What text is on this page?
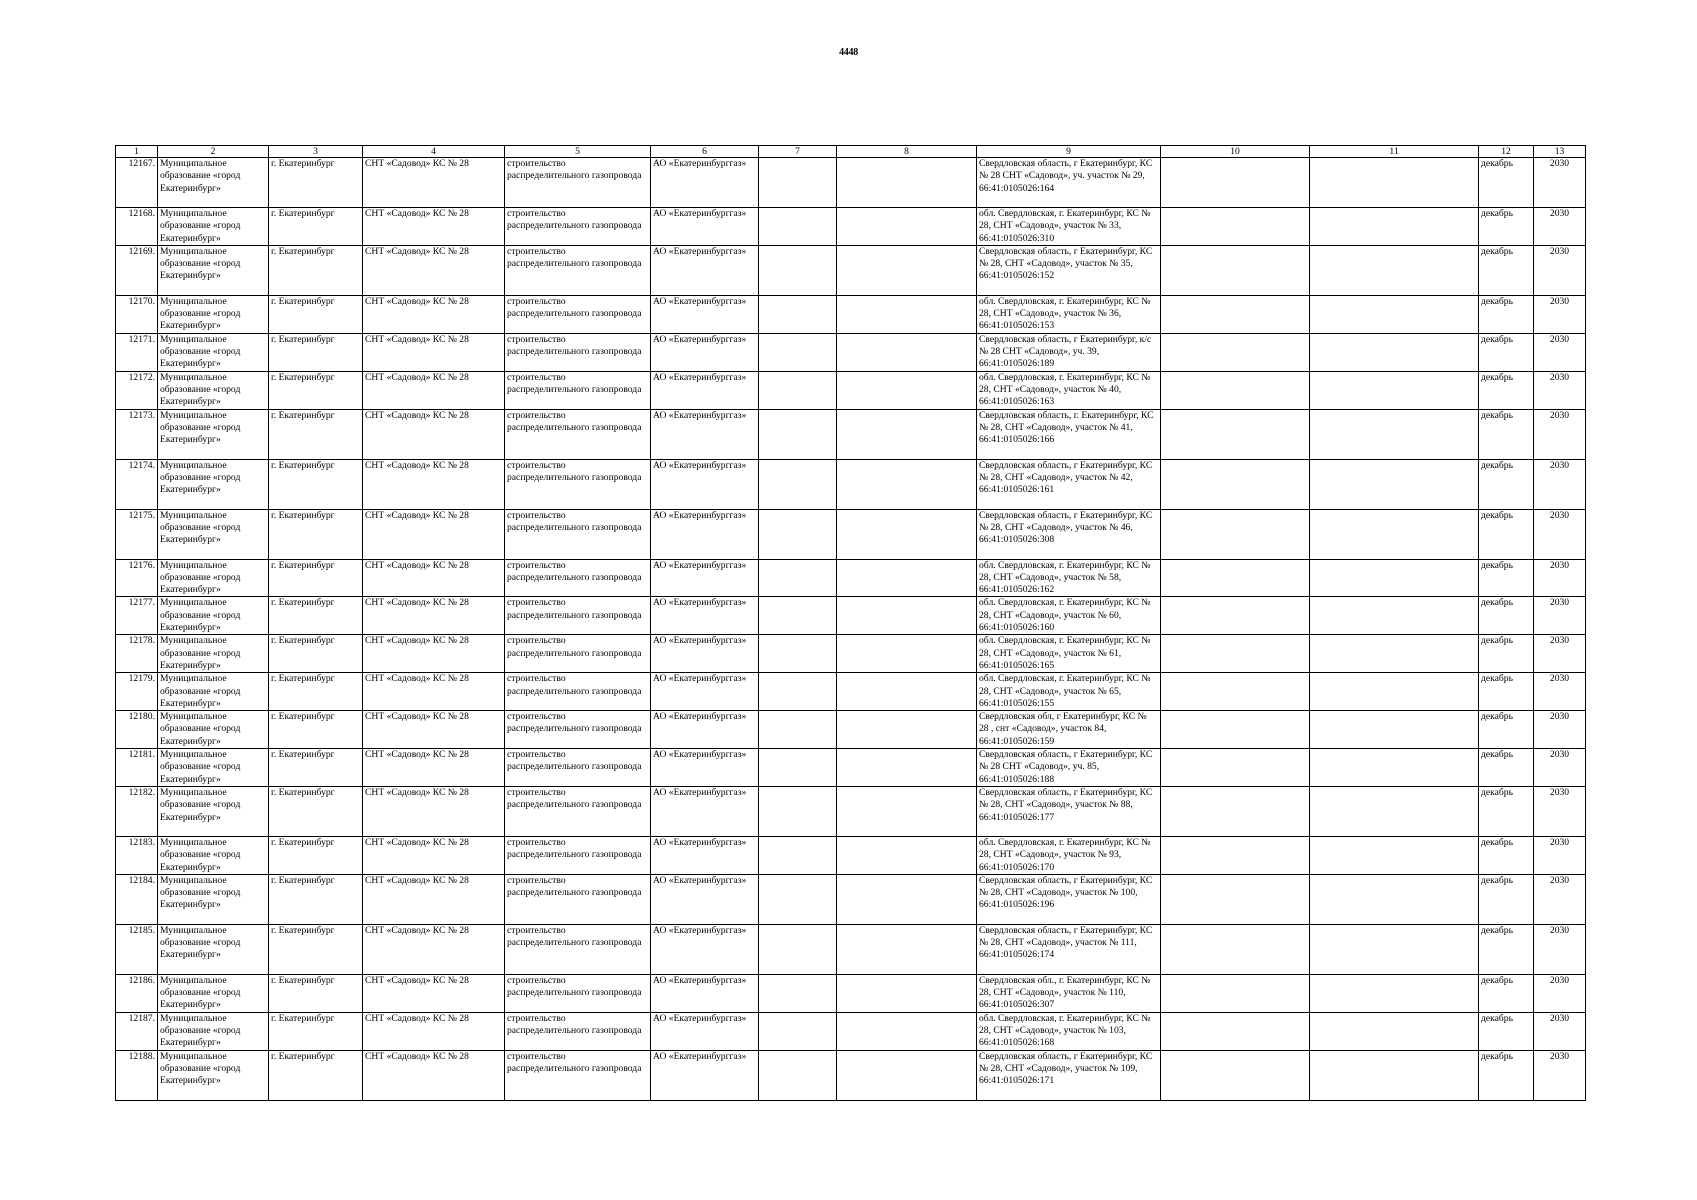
4448
1	2	3	4	5	6	7	8	9	10	11	12	13
12167.	Муниципальное образование «город Екатеринбург»	г. Екатеринбург	СНТ «Садовод» КС № 28	строительство распределительного газопровода	АО «Екатеринбурггаз»			Свердловская область, г Екатеринбург, КС № 28 СНТ «Садовод», уч. участок № 29, 66:41:0105026:164			декабрь	2030
12168.	Муниципальное образование «город Екатеринбург»	г. Екатеринбург	СНТ «Садовод» КС № 28	строительство распределительного газопровода	АО «Екатеринбурггаз»			обл. Свердловская, г. Екатеринбург, КС № 28, СНТ «Садовод», участок № 33, 66:41:0105026:310			декабрь	2030
12169.	Муниципальное образование «город Екатеринбург»	г. Екатеринбург	СНТ «Садовод» КС № 28	строительство распределительного газопровода	АО «Екатеринбурггаз»			Свердловская область, г Екатеринбург, КС № 28, СНТ «Садовод», участок № 35, 66:41:0105026:152			декабрь	2030
12170.	Муниципальное образование «город Екатеринбург»	г. Екатеринбург	СНТ «Садовод» КС № 28	строительство распределительного газопровода	АО «Екатеринбурггаз»			обл. Свердловская, г. Екатеринбург, КС № 28, СНТ «Садовод», участок № 36, 66:41:0105026:153			декабрь	2030
12171.	Муниципальное образование «город Екатеринбург»	г. Екатеринбург	СНТ «Садовод» КС № 28	строительство распределительного газопровода	АО «Екатеринбурггаз»			Свердловская область, г Екатеринбург, к/с № 28 СНТ «Садовод», уч. 39, 66:41:0105026:189			декабрь	2030
12172.	Муниципальное образование «город Екатеринбург»	г. Екатеринбург	СНТ «Садовод» КС № 28	строительство распределительного газопровода	АО «Екатеринбурггаз»			обл. Свердловская, г. Екатеринбург, КС № 28, СНТ «Садовод», участок № 40, 66:41:0105026:163			декабрь	2030
12173.	Муниципальное образование «город Екатеринбург»	г. Екатеринбург	СНТ «Садовод» КС № 28	строительство распределительного газопровода	АО «Екатеринбурггаз»			Свердловская область, г. Екатеринбург, КС № 28, СНТ «Садовод», участок № 41, 66:41:0105026:166			декабрь	2030
12174.	Муниципальное образование «город Екатеринбург»	г. Екатеринбург	СНТ «Садовод» КС № 28	строительство распределительного газопровода	АО «Екатеринбурггаз»			Свердловская область, г Екатеринбург, КС № 28, СНТ «Садовод», участок № 42, 66:41:0105026:161			декабрь	2030
12175.	Муниципальное образование «город Екатеринбург»	г. Екатеринбург	СНТ «Садовод» КС № 28	строительство распределительного газопровода	АО «Екатеринбурггаз»			Свердловская область, г Екатеринбург, КС № 28, СНТ «Садовод», участок № 46, 66:41:0105026:308			декабрь	2030
12176.	Муниципальное образование «город Екатеринбург»	г. Екатеринбург	СНТ «Садовод» КС № 28	строительство распределительного газопровода	АО «Екатеринбурггаз»			обл. Свердловская, г. Екатеринбург, КС № 28, СНТ «Садовод», участок № 58, 66:41:0105026:162			декабрь	2030
12177.	Муниципальное образование «город Екатеринбург»	г. Екатеринбург	СНТ «Садовод» КС № 28	строительство распределительного газопровода	АО «Екатеринбурггаз»			обл. Свердловская, г. Екатеринбург, КС № 28, СНТ «Садовод», участок № 60, 66:41:0105026:160			декабрь	2030
12178.	Муниципальное образование «город Екатеринбург»	г. Екатеринбург	СНТ «Садовод» КС № 28	строительство распределительного газопровода	АО «Екатеринбурггаз»			обл. Свердловская, г. Екатеринбург, КС № 28, СНТ «Садовод», участок № 61, 66:41:0105026:165			декабрь	2030
12179.	Муниципальное образование «город Екатеринбург»	г. Екатеринбург	СНТ «Садовод» КС № 28	строительство распределительного газопровода	АО «Екатеринбурггаз»			обл. Свердловская, г. Екатеринбург, КС № 28, СНТ «Садовод», участок № 65, 66:41:0105026:155			декабрь	2030
12180.	Муниципальное образование «город Екатеринбург»	г. Екатеринбург	СНТ «Садовод» КС № 28	строительство распределительного газопровода	АО «Екатеринбурггаз»			Свердловская обл, г Екатеринбург, КС № 28 , снт «Садовод», участок 84, 66:41:0105026:159			декабрь	2030
12181.	Муниципальное образование «город Екатеринбург»	г. Екатеринбург	СНТ «Садовод» КС № 28	строительство распределительного газопровода	АО «Екатеринбурггаз»			Свердловская область, г Екатеринбург, КС № 28 СНТ «Садовод», уч. 85, 66:41:0105026:188			декабрь	2030
12182.	Муниципальное образование «город Екатеринбург»	г. Екатеринбург	СНТ «Садовод» КС № 28	строительство распределительного газопровода	АО «Екатеринбурггаз»			Свердловская область, г Екатеринбург, КС № 28, СНТ «Садовод», участок № 88, 66:41:0105026:177			декабрь	2030
12183.	Муниципальное образование «город Екатеринбург»	г. Екатеринбург	СНТ «Садовод» КС № 28	строительство распределительного газопровода	АО «Екатеринбурггаз»			обл. Свердловская, г. Екатеринбург, КС № 28, СНТ «Садовод», участок № 93, 66:41:0105026:170			декабрь	2030
12184.	Муниципальное образование «город Екатеринбург»	г. Екатеринбург	СНТ «Садовод» КС № 28	строительство распределительного газопровода	АО «Екатеринбурггаз»			Свердловская область, г Екатеринбург, КС № 28, СНТ «Садовод», участок № 100, 66:41:0105026:196			декабрь	2030
12185.	Муниципальное образование «город Екатеринбург»	г. Екатеринбург	СНТ «Садовод» КС № 28	строительство распределительного газопровода	АО «Екатеринбурггаз»			Свердловская область, г Екатеринбург, КС № 28, СНТ «Садовод», участок № 111, 66:41:0105026:174			декабрь	2030
12186.	Муниципальное образование «город Екатеринбург»	г. Екатеринбург	СНТ «Садовод» КС № 28	строительство распределительного газопровода	АО «Екатеринбурггаз»			Свердловская обл., г. Екатеринбург, КС № 28, СНТ «Садовод», участок № 110, 66:41:0105026:307			декабрь	2030
12187.	Муниципальное образование «город Екатеринбург»	г. Екатеринбург	СНТ «Садовод» КС № 28	строительство распределительного газопровода	АО «Екатеринбурггаз»			обл. Свердловская, г. Екатеринбург, КС № 28, СНТ «Садовод», участок № 103, 66:41:0105026:168			декабрь	2030
12188.	Муниципальное образование «город Екатеринбург»	г. Екатеринбург	СНТ «Садовод» КС № 28	строительство распределительного газопровода	АО «Екатеринбурггаз»			Свердловская область, г Екатеринбург, КС № 28, СНТ «Садовод», участок № 109, 66:41:0105026:171			декабрь	2030
